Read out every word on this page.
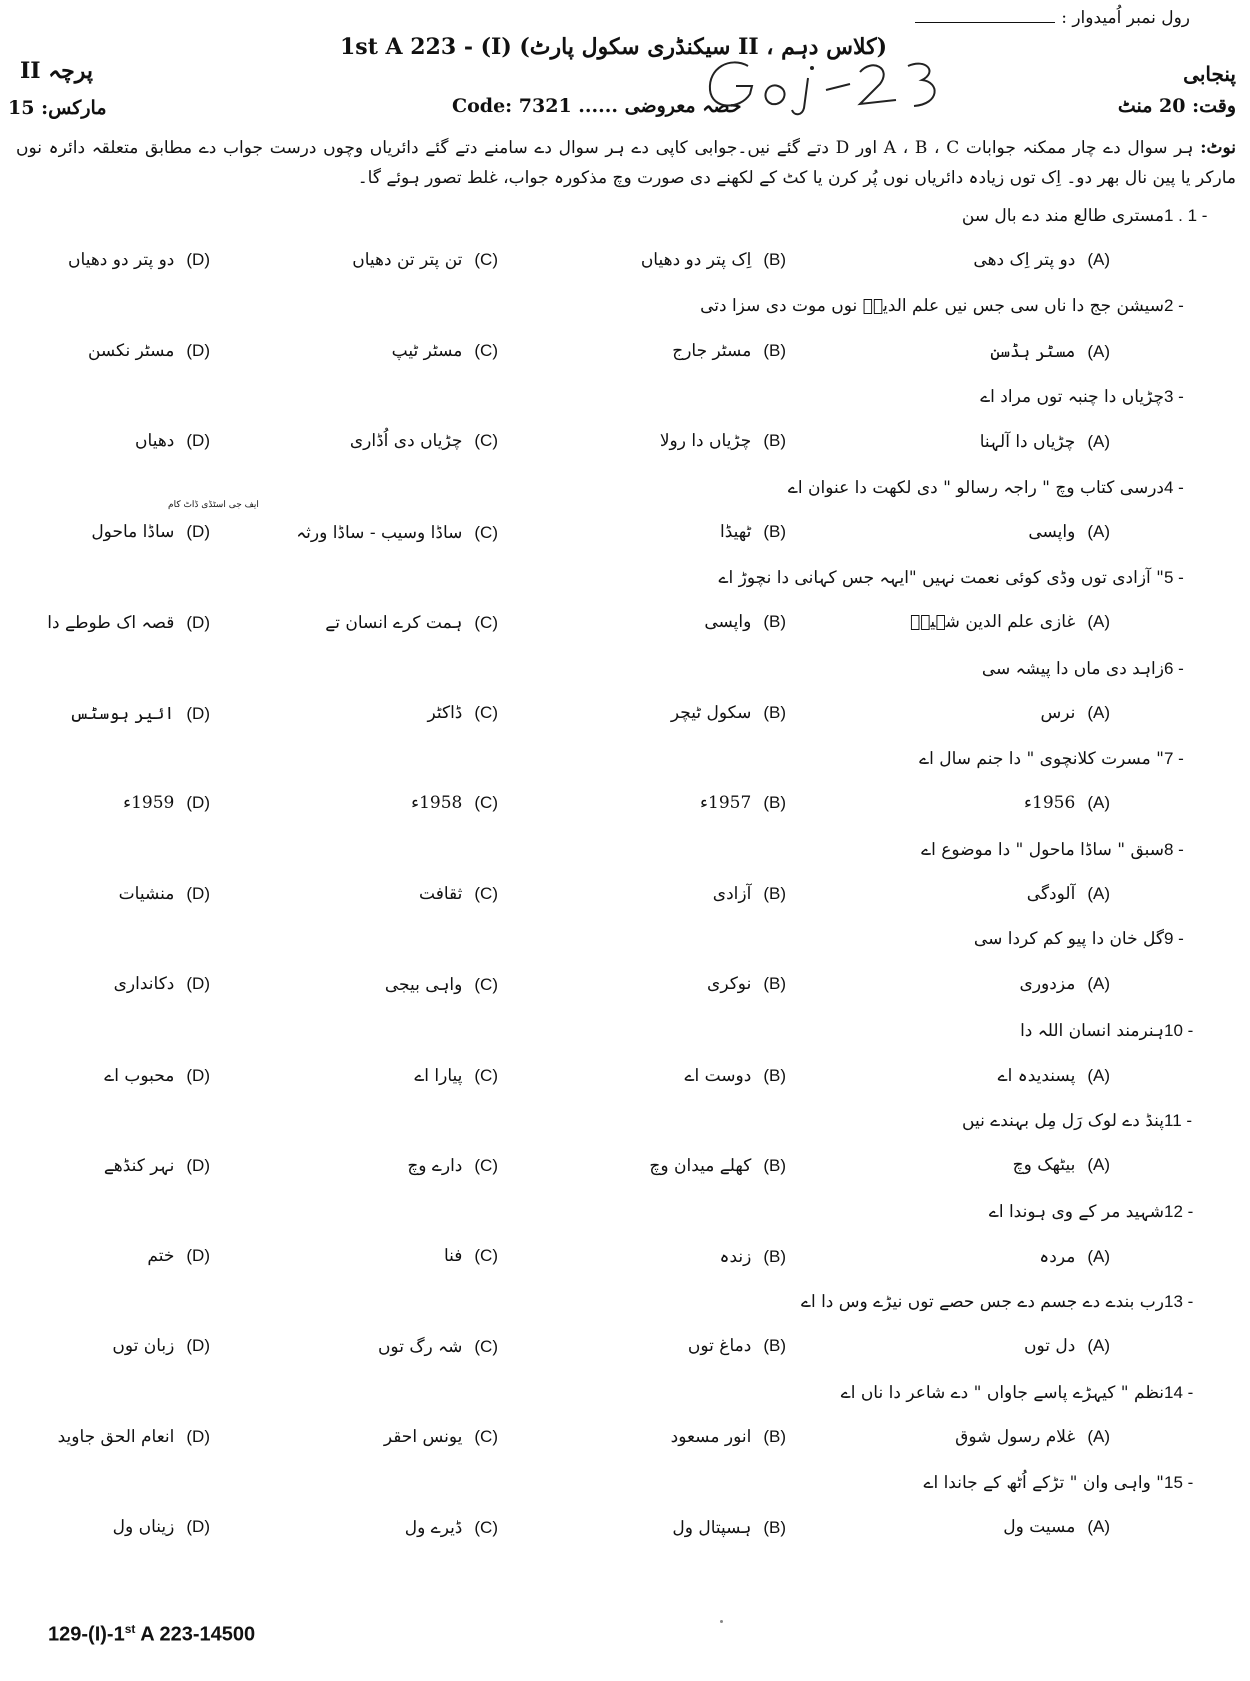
رول نمبر اُمیدوار :
1st A 223 - (I) (سیکنڈری سکول پارٹ II ، کلاس دہم)
پنجابی
پرچہ II
وقت: 20 منٹ
مارکس: 15	حصہ معروضی ...... Code: 7321
نوٹ: ہر سوال دے چار ممکنہ جوابات A ، B ، C اور D دتے گئے نیں۔جوابی کاپی دے ہر سوال دے سامنے دتے گئے دائریاں وچوں درست جواب دے مطابق متعلقہ دائرہ نوں مارکر یا پین نال بھر دو۔ اِک توں زیادہ دائریاں نوں پُر کرن یا کٹ کے لکھنے دی صورت وچ مذکورہ جواب، غلط تصور ہوئے گا۔
1 . 1 -مستری طالع مند دے بال سن
(A)دو پتر اِک دھی
(B)اِک پتر دو دھیاں
(C)تن پتر تن دھیاں
(D)دو پتر دو دھیاں
2 -سیشن جج دا ناں سی جس نیں علم الدینؒ نوں موت دی سزا دتی
(A)مسٹر ہڈسن
(B)مسٹر جارج
(C)مسٹر ٹیپ
(D)مسٹر نکسن
3 -چڑیاں دا چنبہ توں مراد اے
(A)چڑیاں دا آلہنا
(B)چڑیاں دا رولا
(C)چڑیاں دی اُڈاری
(D)دھیاں
4 -درسی کتاب وچ " راجہ رسالو " دی لکھت دا عنوان اے
(A)واپسی
(B)ٹھیڈا
(C)ساڈا وسیب - ساڈا ورثہ
(D)ساڈا ماحول
5 -" آزادی توں وڈی کوئی نعمت نہیں "ایہہ جس کہانی دا نچوڑ اے
(A)غازی علم الدین شہیدؒ
(B)واپسی
(C)ہمت کرے انسان تے
(D)قصہ اک طوطے دا
6 -زاہد دی ماں دا پیشہ سی
(A)نرس
(B)سکول ٹیچر
(C)ڈاکٹر
(D)ائیر ہوسٹس
7 -" مسرت کلانچوی " دا جنم سال اے
(A)1956ء
(B)1957ء
(C)1958ء
(D)1959ء
8 -سبق " ساڈا ماحول " دا موضوع اے
(A)آلودگی
(B)آزادی
(C)ثقافت
(D)منشیات
9 -گل خان دا پیو کم کردا سی
(A)مزدوری
(B)نوکری
(C)واہی بیجی
(D)دکانداری
10 -ہنرمند انسان اللہ دا
(A)پسندیدہ اے
(B)دوست اے
(C)پیارا اے
(D)محبوب اے
11 -پنڈ دے لوک رَل مِل بہندے نیں
(A)بیٹھک وچ
(B)کھلے میدان وچ
(C)دارے وچ
(D)نہر کنڈھے
12 -شہید مر کے وی ہوندا اے
(A)مردہ
(B)زندہ
(C)فنا
(D)ختم
13 -رب بندے دے جسم دے جس حصے توں نیڑے وس دا اے
(A)دل توں
(B)دماغ توں
(C)شہ رگ توں
(D)زبان توں
14 -نظم " کیہڑے پاسے جاواں " دے شاعر دا ناں اے
(A)غلام رسول شوق
(B)انور مسعود
(C)یونس احقر
(D)انعام الحق جاوید
15 -" واہی وان " تڑکے اُٹھ کے جاندا اے
(A)مسیت ول
(B)ہسپتال ول
(C)ڈیرے ول
(D)زیناں ول
ایف جی اسٹڈی ڈاٹ کام
129-(I)-1st A 223-14500
